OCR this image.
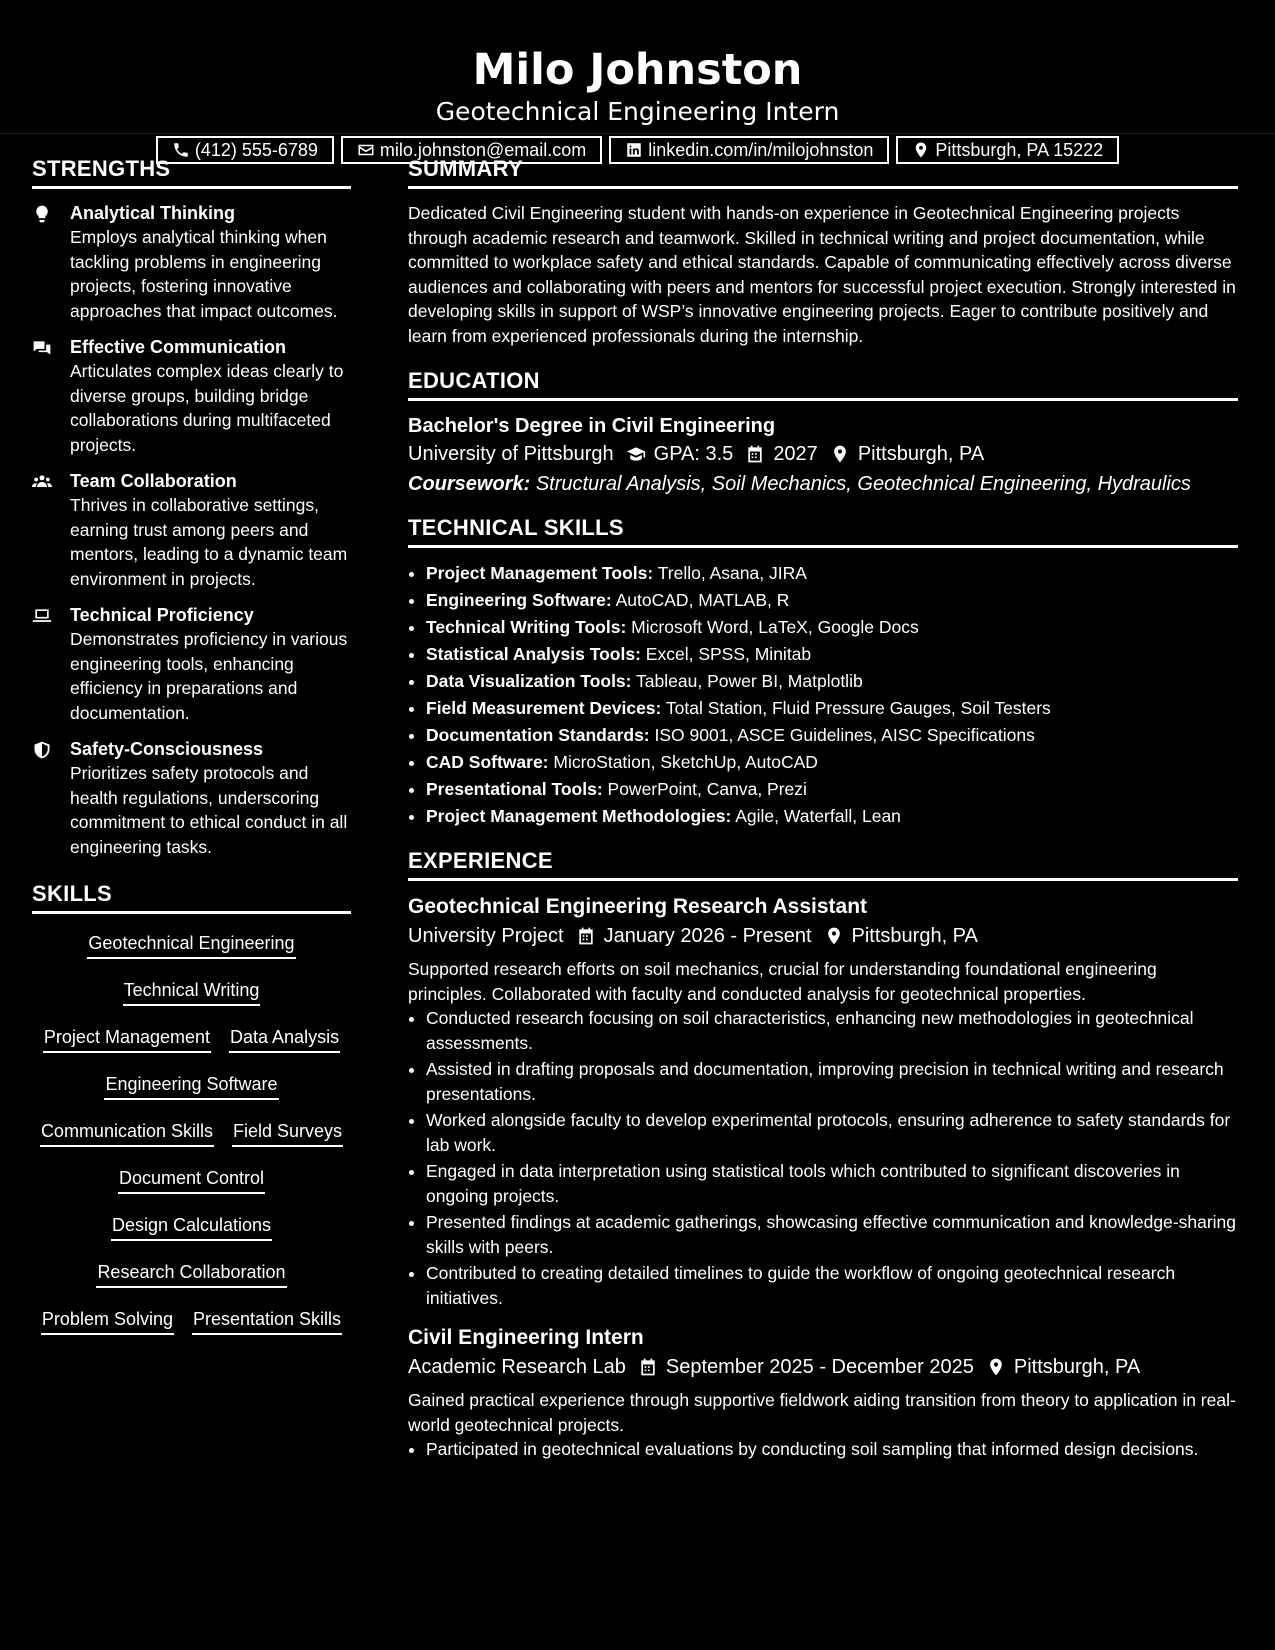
Milo Johnston
Geotechnical Engineering Intern
(412) 555-6789	milo.johnston@email.com	linkedin.com/in/milojohnston	Pittsburgh, PA 15222
STRENGTHS
Analytical Thinking
Employs analytical thinking when tackling problems in engineering projects, fostering innovative approaches that impact outcomes.
Effective Communication
Articulates complex ideas clearly to diverse groups, building bridge collaborations during multifaceted projects.
Team Collaboration
Thrives in collaborative settings, earning trust among peers and mentors, leading to a dynamic team environment in projects.
Technical Proficiency
Demonstrates proficiency in various engineering tools, enhancing efficiency in preparations and documentation.
Safety-Consciousness
Prioritizes safety protocols and health regulations, underscoring commitment to ethical conduct in all engineering tasks.
SKILLS
Geotechnical Engineering
Technical Writing
Project Management Data Analysis
Engineering Software
Communication Skills Field Surveys
Document Control
Design Calculations
Research Collaboration
Problem Solving Presentation Skills
SUMMARY

Dedicated Civil Engineering student with hands-on experience in Geotechnical Engineering projects through academic research and teamwork. Skilled in technical writing and project documentation, while committed to workplace safety and ethical standards. Capable of communicating effectively across diverse audiences and collaborating with peers and mentors for successful project execution. Strongly interested in developing skills in support of WSP’s innovative engineering projects. Eager to contribute positively and learn from experienced professionals during the internship.

EDUCATION
Bachelor's Degree in Civil Engineering
University of Pittsburgh GPA: 3.5 2027 Pittsburgh, PA
Coursework: Structural Analysis, Soil Mechanics, Geotechnical Engineering, Hydraulics
TECHNICAL SKILLS
• Project Management Tools: Trello, Asana, JIRA
• Engineering Software: AutoCAD, MATLAB, R
• Technical Writing Tools: Microsoft Word, LaTeX, Google Docs
• Statistical Analysis Tools: Excel, SPSS, Minitab
• Data Visualization Tools: Tableau, Power BI, Matplotlib
• Field Measurement Devices: Total Station, Fluid Pressure Gauges, Soil Testers
• Documentation Standards: ISO 9001, ASCE Guidelines, AISC Specifications
• CAD Software: MicroStation, SketchUp, AutoCAD
• Presentational Tools: PowerPoint, Canva, Prezi
• Project Management Methodologies: Agile, Waterfall, Lean
EXPERIENCE
Geotechnical Engineering Research Assistant
University Project January 2026 - Present Pittsburgh, PA
Supported research efforts on soil mechanics, crucial for understanding foundational engineering principles. Collaborated with faculty and conducted analysis for geotechnical properties.
• Conducted research focusing on soil characteristics, enhancing new methodologies in geotechnical assessments.
• Assisted in drafting proposals and documentation, improving precision in technical writing and research presentations.
• Worked alongside faculty to develop experimental protocols, ensuring adherence to safety standards for lab work.
• Engaged in data interpretation using statistical tools which contributed to significant discoveries in ongoing projects.
• Presented findings at academic gatherings, showcasing effective communication and knowledge-sharing skills with peers.
• Contributed to creating detailed timelines to guide the workflow of ongoing geotechnical research initiatives.
Civil Engineering Intern
Academic Research Lab September 2025 - December 2025 Pittsburgh, PA
Gained practical experience through supportive fieldwork aiding transition from theory to application in real-world geotechnical projects.
• Participated in geotechnical evaluations by conducting soil sampling that informed design decisions.
